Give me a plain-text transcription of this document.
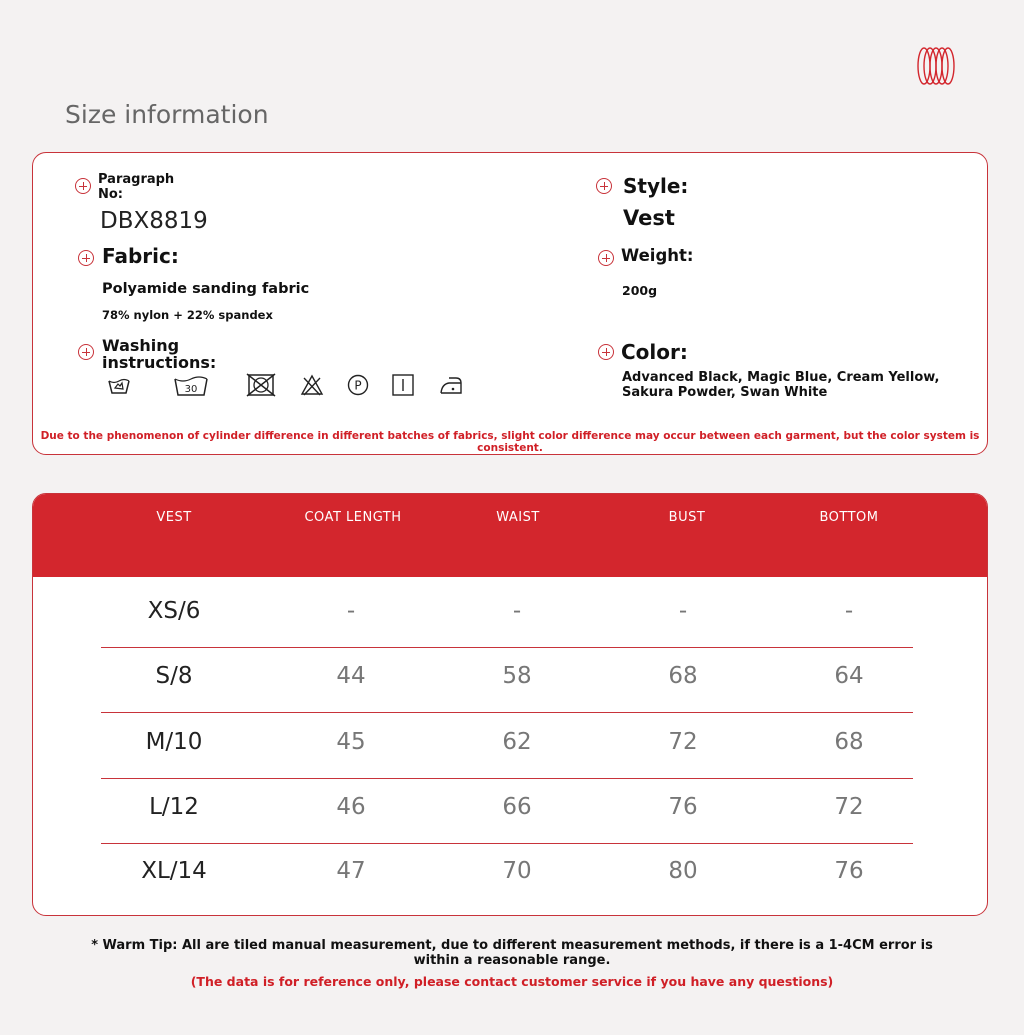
Size information
Paragraph No:
DBX8819
Fabric:
Polyamide sanding fabric
78% nylon + 22% spandex
Washing instructions:
30	P
Style:
Vest
Weight:
200g
Color:
Advanced Black, Magic Blue, Cream Yellow, Sakura Powder, Swan White
Due to the phenomenon of cylinder difference in different batches of fabrics, slight color difference may occur between each garment, but the color system is consistent.
VEST	COAT LENGTH	WAIST	BUST	BOTTOM
XS/6	-	-	-	-
S/8	44	58	68	64
M/10	45	62	72	68
L/12	46	66	76	72
XL/14	47	70	80	76
* Warm Tip: All are tiled manual measurement, due to different measurement methods, if there is a 1-4CM error is
within a reasonable range.
(The data is for reference only, please contact customer service if you have any questions)
